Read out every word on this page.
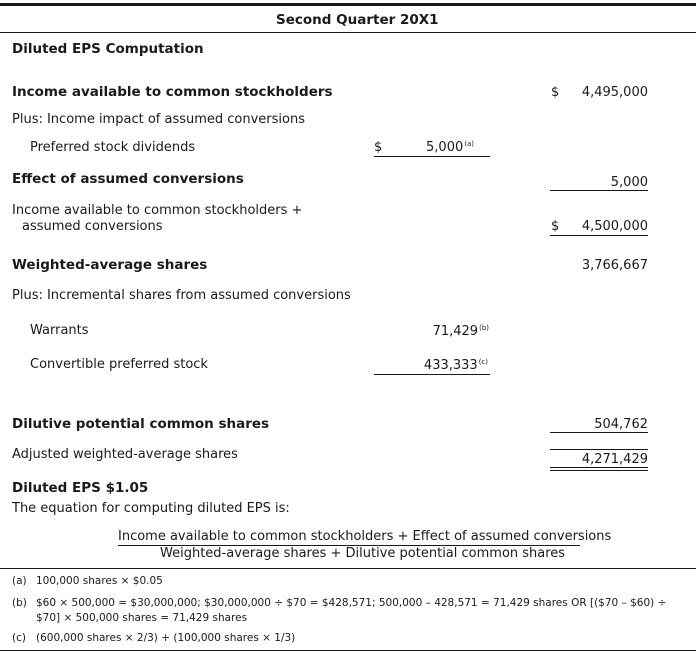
Second Quarter 20X1
Diluted EPS Computation
Income available to common stockholders	$	4,495,000
Plus: Income impact of assumed conversions
Preferred stock dividends	$	5,000$^{(a)}$
Effect of assumed conversions	5,000
Income available to common stockholders +
assumed conversions	$	4,500,000
Weighted-average shares	3,766,667
Plus: Incremental shares from assumed conversions
Warrants	71,429$^{(b)}$
Convertible preferred stock	433,333$^{(c)}$
Dilutive potential common shares	504,762
Adjusted weighted-average shares	4,271,429
Diluted EPS $1.05
The equation for computing diluted EPS is:
Income available to common stockholders + Effect of assumed conversions
Weighted-average shares + Dilutive potential common shares
(a) 100,000 shares × $0.05
(b) $60 × 500,000 = $30,000,000; $30,000,000 ÷ $70 = $428,571; 500,000 – 428,571 = 71,429 shares OR [($70 – $60) ÷
$70] × 500,000 shares = 71,429 shares
(c) (600,000 shares × 2/3) + (100,000 shares × 1/3)
